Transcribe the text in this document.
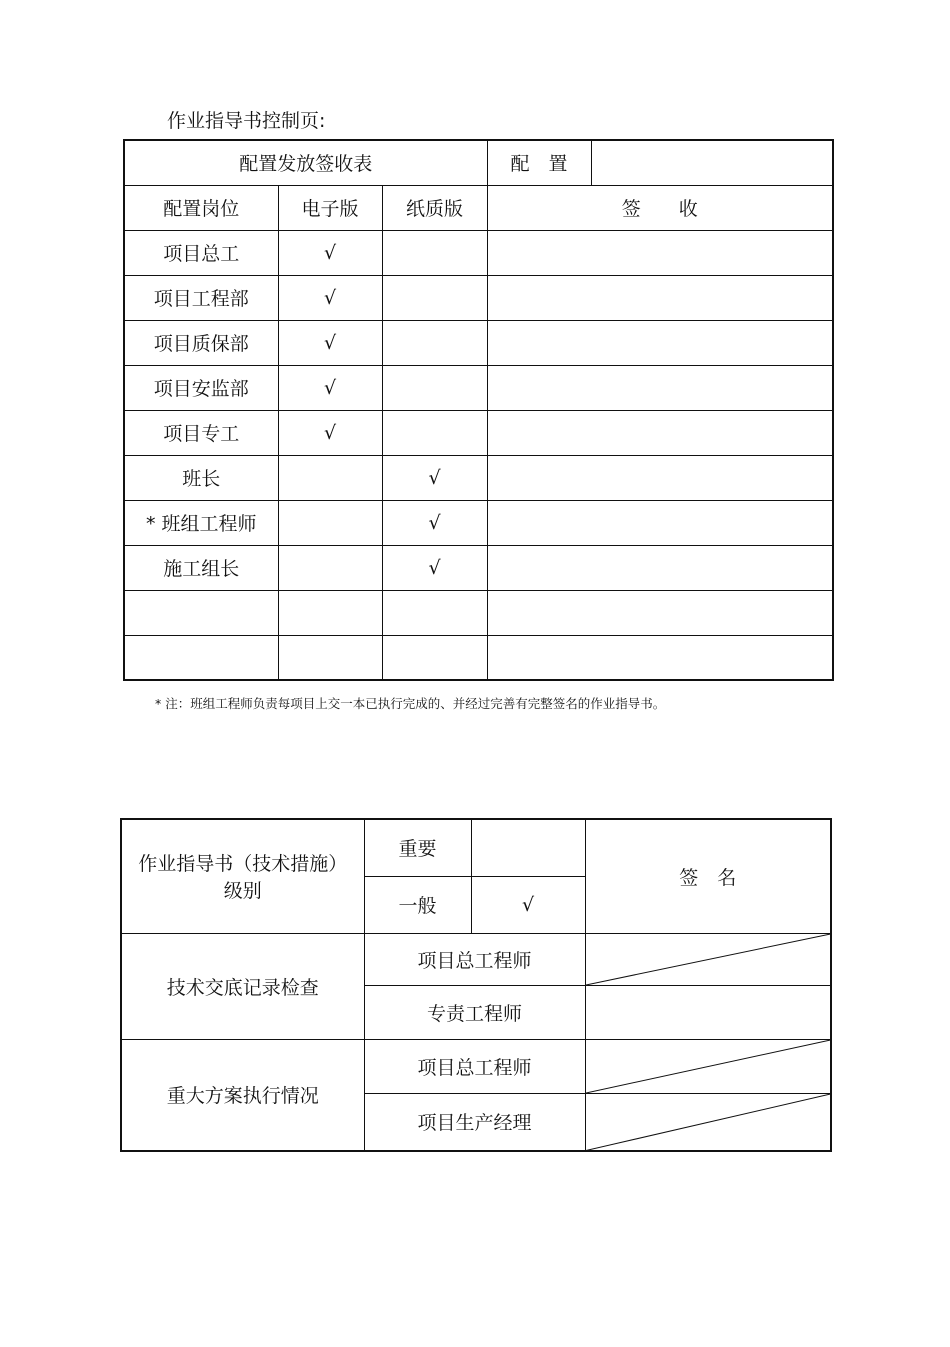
作业指导书控制页:
配置发放签收表			配　置	
配置岗位	电子版	纸质版	签　　收	
项目总工	√			
项目工程部	√			
项目质保部	√			
项目安监部	√			
项目专工	√			
班长		√		
* 班组工程师		√		
施工组长		√		

* 注：班组工程师负责每项目上交一本已执行完成的、并经过完善有完整签名的作业指导书。
作业指导书（技术措施）
级别	重要		签　名
	一般	√	
技术交底记录检查	项目总工程师	

	专责工程师		
重大方案执行情况	项目总工程师	

	项目生产经理	
